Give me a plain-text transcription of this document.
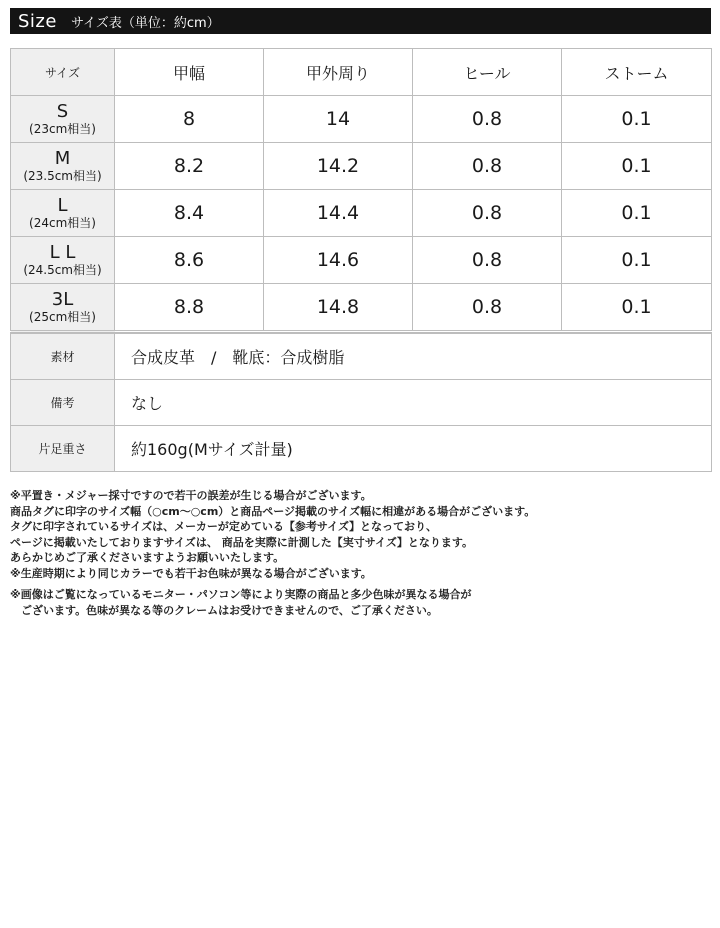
Size サイズ表（単位：約cm）
サイズ	甲幅	甲外周り	ヒール	ストーム

S
(23cm相当)	8	14	0.8	0.1

M
(23.5cm相当)	8.2	14.2	0.8	0.1

L
(24cm相当)	8.4	14.4	0.8	0.1

L L
(24.5cm相当)	8.6	14.6	0.8	0.1

3L
(25cm相当)	8.8	14.8	0.8	0.1
素材	合成皮革　/　靴底：合成樹脂
備考	なし
片足重さ	約160g(Mサイズ計量)

※平置き・メジャー採寸ですので若干の誤差が生じる場合がございます。

商品タグに印字のサイズ幅（○cm～○cm）と商品ページ掲載のサイズ幅に相違がある場合がございます。

タグに印字されているサイズは、メーカーが定めている【参考サイズ】となっており、

ページに掲載いたしておりますサイズは、 商品を実際に計測した【実寸サイズ】となります。

あらかじめご了承くださいますようお願いいたします。

※生産時期により同じカラーでも若干お色味が異なる場合がございます。

※画像はご覧になっているモニター・パソコン等により実際の商品と多少色味が異なる場合が

　ございます。色味が異なる等のクレームはお受けできませんので、ご了承ください。
